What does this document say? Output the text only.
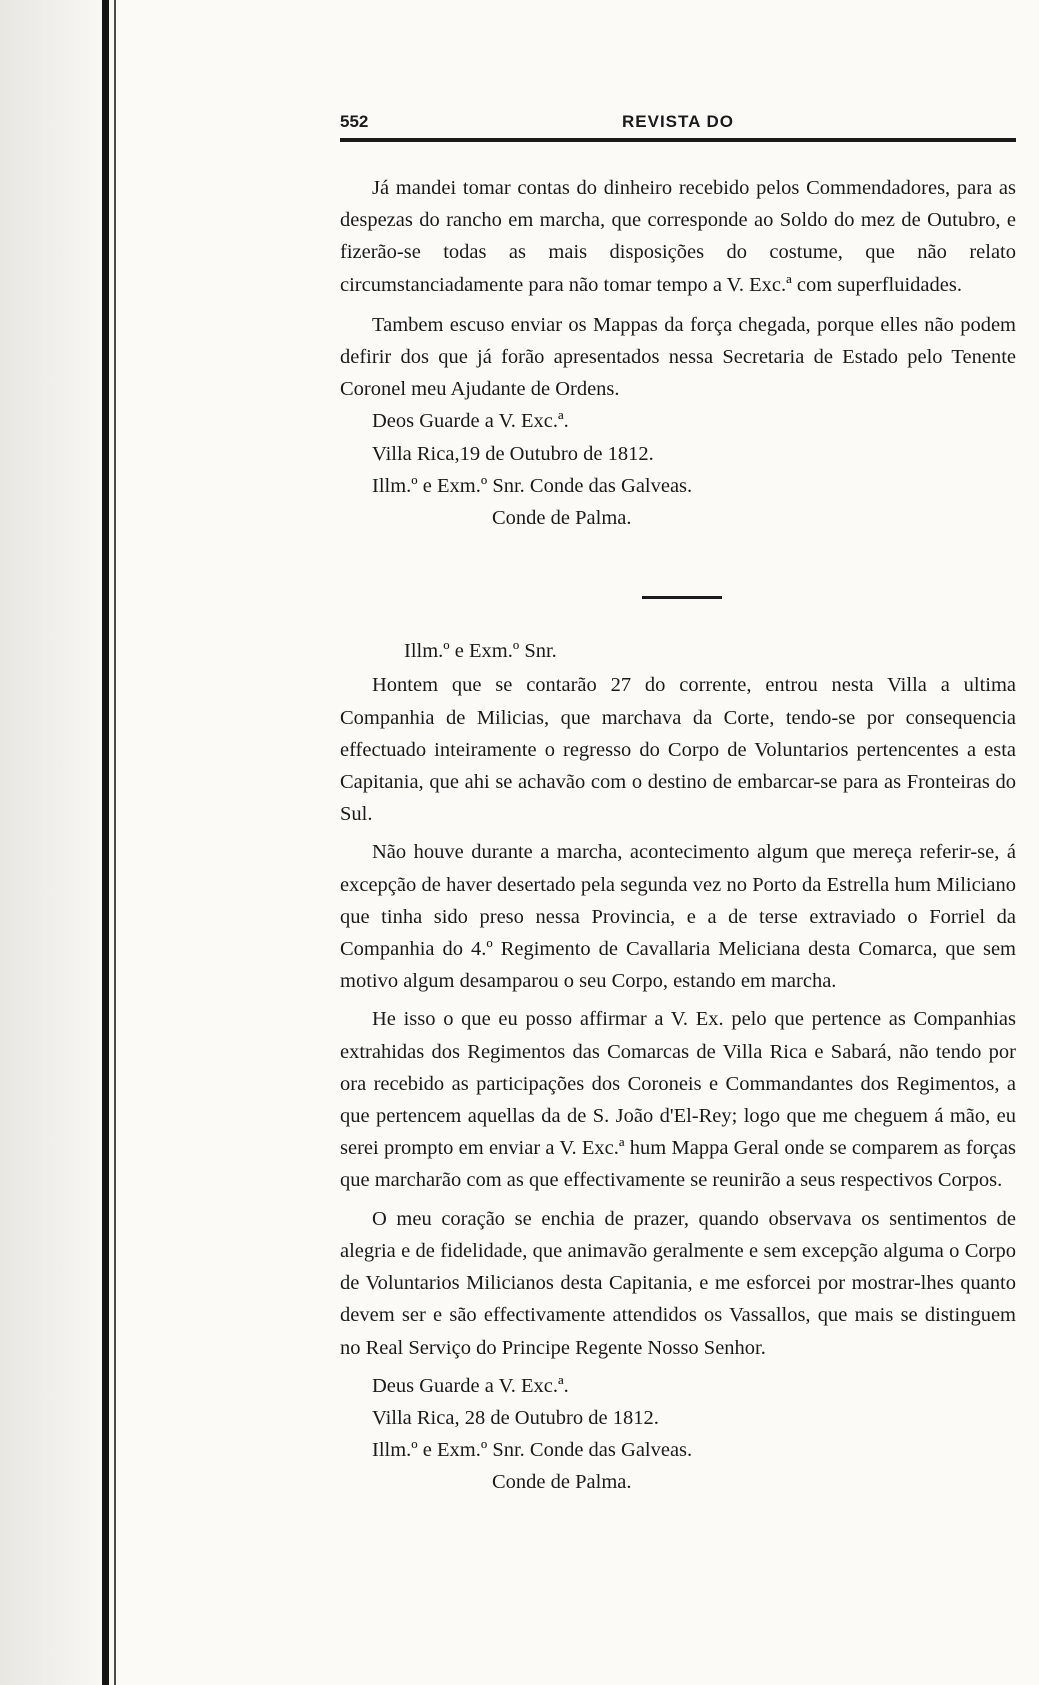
552	REVISTA DO

Já mandei tomar contas do dinheiro recebido pelos Commendadores, para as despezas do rancho em marcha, que corresponde ao Soldo do mez de Outubro, e fizerão-se todas as mais disposições do costume, que não relato circumstanciadamente para não tomar tempo a V. Exc.ª com superfluidades.

Tambem escuso enviar os Mappas da força chegada, porque elles não podem defirir dos que já forão apresentados nessa Secretaria de Estado pelo Tenente Coronel meu Ajudante de Ordens.

Deos Guarde a V. Exc.ª.

Villa Rica,19 de Outubro de 1812.

Illm.º e Exm.º Snr. Conde das Galveas.

Conde de Palma.

Illm.º e Exm.º Snr.

Hontem que se contarão 27 do corrente, entrou nesta Villa a ultima Companhia de Milicias, que marchava da Corte, tendo-se por consequencia effectuado inteiramente o regresso do Corpo de Voluntarios pertencentes a esta Capitania, que ahi se achavão com o destino de embarcar-se para as Fronteiras do Sul.

Não houve durante a marcha, acontecimento algum que mereça referir-se, á excepção de haver desertado pela segunda vez no Porto da Estrella hum Miliciano que tinha sido preso nessa Provincia, e a de terse extraviado o Forriel da Companhia do 4.º Regimento de Cavallaria Meliciana desta Comarca, que sem motivo algum desamparou o seu Corpo, estando em marcha.

He isso o que eu posso affirmar a V. Ex. pelo que pertence as Companhias extrahidas dos Regimentos das Comarcas de Villa Rica e Sabará, não tendo por ora recebido as participações dos Coroneis e Commandantes dos Regimentos, a que pertencem aquellas da de S. João d'El-Rey; logo que me cheguem á mão, eu serei prompto em enviar a V. Exc.ª hum Mappa Geral onde se comparem as forças que marcharão com as que effectivamente se reunirão a seus respectivos Corpos.

O meu coração se enchia de prazer, quando observava os sentimentos de alegria e de fidelidade, que animavão geralmente e sem excepção alguma o Corpo de Voluntarios Milicianos desta Capitania, e me esforcei por mostrar-lhes quanto devem ser e são effectivamente attendidos os Vassallos, que mais se distinguem no Real Serviço do Principe Regente Nosso Senhor.

Deus Guarde a V. Exc.ª.

Villa Rica, 28 de Outubro de 1812.

Illm.º e Exm.º Snr. Conde das Galveas.

Conde de Palma.
